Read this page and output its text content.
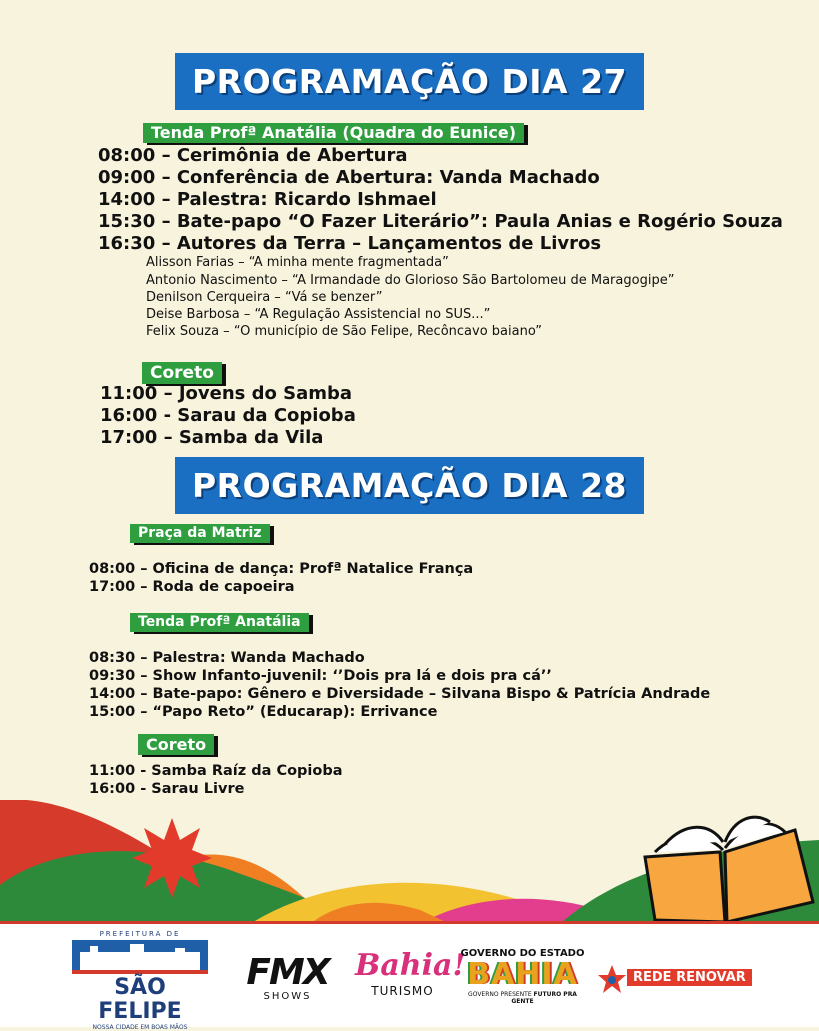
PROGRAMAÇÃO DIA 27
Tenda Profª Anatália (Quadra do Eunice)
08:00 – Cerimônia de Abertura
09:00 – Conferência de Abertura: Vanda Machado
14:00 – Palestra: Ricardo Ishmael
15:30 – Bate-papo “O Fazer Literário”: Paula Anias e Rogério Souza
16:30 – Autores da Terra – Lançamentos de Livros
Alisson Farias – “A minha mente fragmentada”
Antonio Nascimento – “A Irmandade do Glorioso São Bartolomeu de Maragogipe”
Denilson Cerqueira – “Vá se benzer”
Deise Barbosa – “A Regulação Assistencial no SUS...”
Felix Souza – “O município de São Felipe, Recôncavo baiano”
Coreto
11:00 – Jovens do Samba
16:00 - Sarau da Copioba
17:00 – Samba da Vila
PROGRAMAÇÃO DIA 28
Praça da Matriz
08:00 – Oficina de dança: Profª Natalice França
17:00 – Roda de capoeira
Tenda Profª Anatália
08:30 – Palestra: Wanda Machado
09:30 – Show Infanto-juvenil: ‘’Dois pra lá e dois pra cá’’
14:00 – Bate-papo: Gênero e Diversidade – Silvana Bispo & Patrícia Andrade
15:00 – “Papo Reto” (Educarap): Errivance
Coreto
11:00 - Samba Raíz da Copioba
16:00 - Sarau Livre
PREFEITURA DE
SÃO FELIPE
NOSSA CIDADE EM BOAS MÃOS
FMX
SHOWS
Bahia!
TURISMO
GOVERNO DO ESTADO
BAHIA
GOVERNO PRESENTE FUTURO PRA GENTE
REDE RENOVAR
